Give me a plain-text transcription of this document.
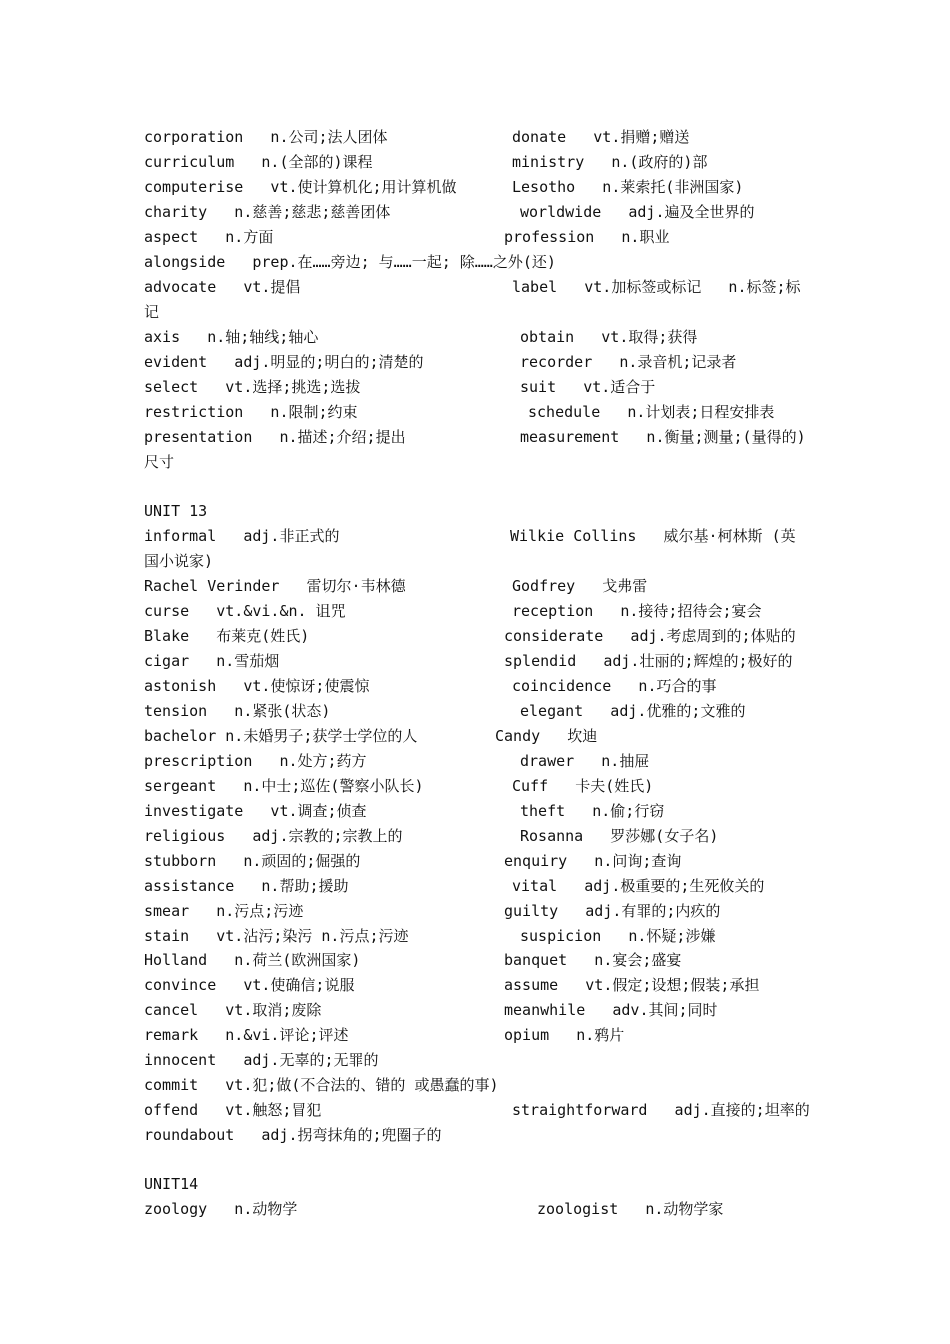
corporation   n.公司;法人团体	donate   vt.捐赠;赠送

curriculum   n.(全部的)课程	ministry   n.(政府的)部

computerise   vt.使计算机化;用计算机做	Lesotho   n.莱索托(非洲国家)

charity   n.慈善;慈悲;慈善团体	worldwide   adj.遍及全世界的

aspect   n.方面	profession   n.职业

alongside   prep.在……旁边; 与……一起; 除……之外(还)

advocate   vt.提倡	label   vt.加标签或标记   n.标签;标

记

axis   n.轴;轴线;轴心	obtain   vt.取得;获得

evident   adj.明显的;明白的;清楚的	recorder   n.录音机;记录者

select   vt.选择;挑选;选拔	suit   vt.适合于

restriction   n.限制;约束	schedule   n.计划表;日程安排表

presentation   n.描述;介绍;提出	measurement   n.衡量;测量;(量得的)

尺寸

UNIT 13

informal   adj.非正式的	Wilkie Collins   威尔基·柯林斯 (英

国小说家)

Rachel Verinder   雷切尔·韦林德	Godfrey   戈弗雷

curse   vt.&vi.&n. 诅咒	reception   n.接待;招待会;宴会

Blake   布莱克(姓氏)	considerate   adj.考虑周到的;体贴的

cigar   n.雪茄烟	splendid   adj.壮丽的;辉煌的;极好的

astonish   vt.使惊讶;使震惊	coincidence   n.巧合的事

tension   n.紧张(状态)	elegant   adj.优雅的;文雅的

bachelor n.未婚男子;获学士学位的人	Candy   坎迪

prescription   n.处方;药方	drawer   n.抽屉

sergeant   n.中士;巡佐(警察小队长)	Cuff   卡夫(姓氏)

investigate   vt.调查;侦查	theft   n.偷;行窃

religious   adj.宗教的;宗教上的	Rosanna   罗莎娜(女子名)

stubborn   n.顽固的;倔强的	enquiry   n.问询;查询

assistance   n.帮助;援助	vital   adj.极重要的;生死攸关的

smear   n.污点;污迹	guilty   adj.有罪的;内疚的

stain   vt.沾污;染污 n.污点;污迹	suspicion   n.怀疑;涉嫌

Holland   n.荷兰(欧洲国家)	banquet   n.宴会;盛宴

convince   vt.使确信;说服	assume   vt.假定;设想;假装;承担

cancel   vt.取消;废除	meanwhile   adv.其间;同时

remark   n.&vi.评论;评述	opium   n.鸦片

innocent   adj.无辜的;无罪的

commit   vt.犯;做(不合法的、错的 或愚蠢的事)

offend   vt.触怒;冒犯	straightforward   adj.直接的;坦率的

roundabout   adj.拐弯抹角的;兜圈子的

UNIT14

zoology   n.动物学	zoologist   n.动物学家
